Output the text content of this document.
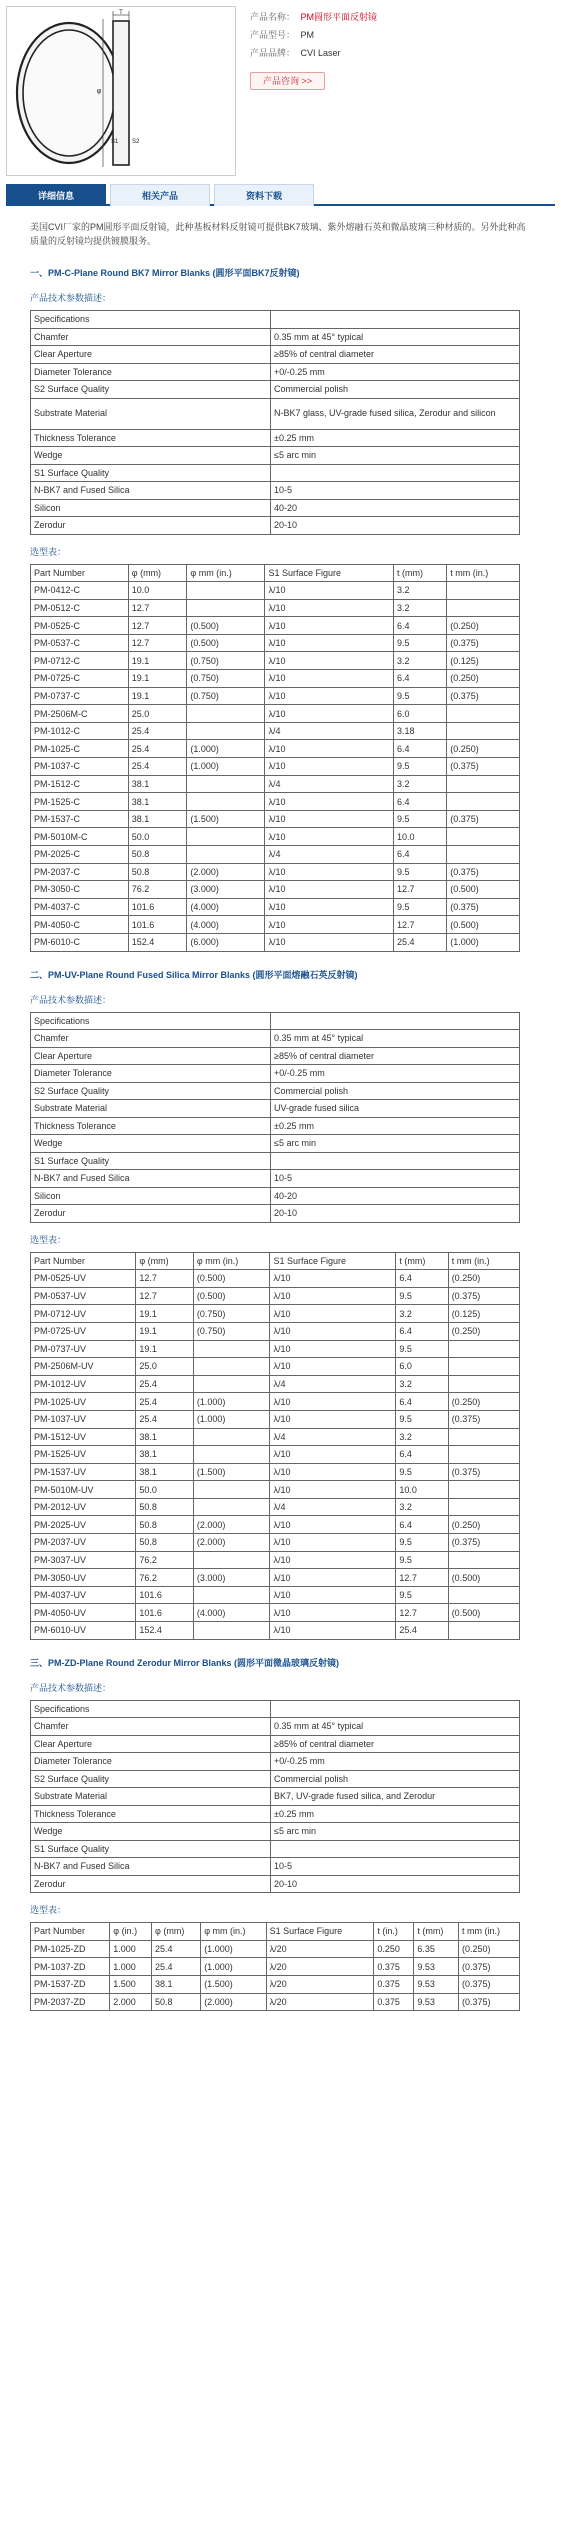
T
φ
S1 S2
产品名称： PM圆形平面反射镜
产品型号： PM
产品品牌： CVI Laser
产品咨询 >>
详细信息	相关产品	资料下载

美国CVI厂家的PM圆形平面反射镜，此种基板材料反射镜可提供BK7玻璃、紫外熔融石英和微晶玻璃三种材质的。另外此种高质量的反射镜均提供镀膜服务。

一、PM-C-Plane Round BK7 Mirror Blanks (圆形平面BK7反射镜)
产品技术参数描述：
Specifications	
Chamfer	0.35 mm at 45° typical
Clear Aperture	≥85% of central diameter
Diameter Tolerance	+0/-0.25 mm
S2 Surface Quality	Commercial polish
Substrate Material	N-BK7 glass, UV-grade fused silica, Zerodur and silicon
Thickness Tolerance	±0.25 mm
Wedge	≤5 arc min
S1 Surface Quality	
N-BK7 and Fused Silica	10-5
Silicon	40-20
Zerodur	20-10
选型表：
Part Number	φ (mm)	φ mm (in.)	S1 Surface Figure	t (mm)	t mm (in.)
PM-0412-C	10.0		λ/10	3.2	
PM-0512-C	12.7		λ/10	3.2	
PM-0525-C	12.7	(0.500)	λ/10	6.4	(0.250)
PM-0537-C	12.7	(0.500)	λ/10	9.5	(0.375)
PM-0712-C	19.1	(0.750)	λ/10	3.2	(0.125)
PM-0725-C	19.1	(0.750)	λ/10	6.4	(0.250)
PM-0737-C	19.1	(0.750)	λ/10	9.5	(0.375)
PM-2506M-C	25.0		λ/10	6.0	
PM-1012-C	25.4		λ/4	3.18	
PM-1025-C	25.4	(1.000)	λ/10	6.4	(0.250)
PM-1037-C	25.4	(1.000)	λ/10	9.5	(0.375)
PM-1512-C	38.1		λ/4	3.2	
PM-1525-C	38.1		λ/10	6.4	
PM-1537-C	38.1	(1.500)	λ/10	9.5	(0.375)
PM-5010M-C	50.0		λ/10	10.0	
PM-2025-C	50.8		λ/4	6.4	
PM-2037-C	50.8	(2.000)	λ/10	9.5	(0.375)
PM-3050-C	76.2	(3.000)	λ/10	12.7	(0.500)
PM-4037-C	101.6	(4.000)	λ/10	9.5	(0.375)
PM-4050-C	101.6	(4.000)	λ/10	12.7	(0.500)
PM-6010-C	152.4	(6.000)	λ/10	25.4	(1.000)
二、PM-UV-Plane Round Fused Silica Mirror Blanks (圆形平面熔融石英反射镜)
产品技术参数描述：
Specifications	
Chamfer	0.35 mm at 45° typical
Clear Aperture	≥85% of central diameter
Diameter Tolerance	+0/-0.25 mm
S2 Surface Quality	Commercial polish
Substrate Material	UV-grade fused silica
Thickness Tolerance	±0.25 mm
Wedge	≤5 arc min
S1 Surface Quality	
N-BK7 and Fused Silica	10-5
Silicon	40-20
Zerodur	20-10
选型表：
Part Number	φ (mm)	φ mm (in.)	S1 Surface Figure	t (mm)	t mm (in.)
PM-0525-UV	12.7	(0.500)	λ/10	6.4	(0.250)
PM-0537-UV	12.7	(0.500)	λ/10	9.5	(0.375)
PM-0712-UV	19.1	(0.750)	λ/10	3.2	(0.125)
PM-0725-UV	19.1	(0.750)	λ/10	6.4	(0.250)
PM-0737-UV	19.1		λ/10	9.5	
PM-2506M-UV	25.0		λ/10	6.0	
PM-1012-UV	25.4		λ/4	3.2	
PM-1025-UV	25.4	(1.000)	λ/10	6.4	(0.250)
PM-1037-UV	25.4	(1.000)	λ/10	9.5	(0.375)
PM-1512-UV	38.1		λ/4	3.2	
PM-1525-UV	38.1		λ/10	6.4	
PM-1537-UV	38.1	(1.500)	λ/10	9.5	(0.375)
PM-5010M-UV	50.0		λ/10	10.0	
PM-2012-UV	50.8		λ/4	3.2	
PM-2025-UV	50.8	(2.000)	λ/10	6.4	(0.250)
PM-2037-UV	50.8	(2.000)	λ/10	9.5	(0.375)
PM-3037-UV	76.2		λ/10	9.5	
PM-3050-UV	76.2	(3.000)	λ/10	12.7	(0.500)
PM-4037-UV	101.6		λ/10	9.5	
PM-4050-UV	101.6	(4.000)	λ/10	12.7	(0.500)
PM-6010-UV	152.4		λ/10	25.4	
三、PM-ZD-Plane Round Zerodur Mirror Blanks (圆形平面微晶玻璃反射镜)
产品技术参数描述：
Specifications	
Chamfer	0.35 mm at 45° typical
Clear Aperture	≥85% of central diameter
Diameter Tolerance	+0/-0.25 mm
S2 Surface Quality	Commercial polish
Substrate Material	BK7, UV-grade fused silica, and Zerodur
Thickness Tolerance	±0.25 mm
Wedge	≤5 arc min
S1 Surface Quality	
N-BK7 and Fused Silica	10-5
Zerodur	20-10
选型表：
Part Number	φ (in.)	φ (mm)	φ mm (in.)	S1 Surface Figure	t (in.)	t (mm)	t mm (in.)
PM-1025-ZD	1.000	25.4	(1.000)	λ/20	0.250	6.35	(0.250)
PM-1037-ZD	1.000	25.4	(1.000)	λ/20	0.375	9.53	(0.375)
PM-1537-ZD	1.500	38.1	(1.500)	λ/20	0.375	9.53	(0.375)
PM-2037-ZD	2.000	50.8	(2.000)	λ/20	0.375	9.53	(0.375)
